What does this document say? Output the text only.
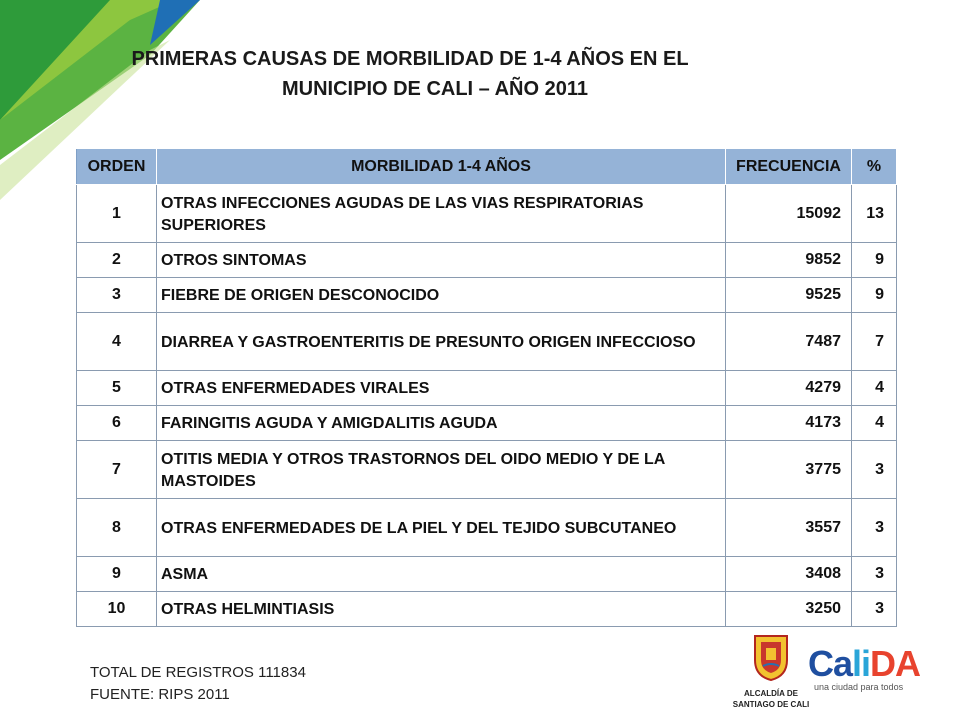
PRIMERAS CAUSAS DE MORBILIDAD DE 1-4 AÑOS EN EL
MUNICIPIO DE CALI – AÑO 2011
ORDEN	MORBILIDAD 1-4 AÑOS	FRECUENCIA	%
1	OTRAS INFECCIONES AGUDAS DE LAS VIAS RESPIRATORIAS SUPERIORES	15092	13
2	OTROS SINTOMAS	9852	9
3	FIEBRE DE ORIGEN DESCONOCIDO	9525	9
4	DIARREA Y GASTROENTERITIS DE PRESUNTO ORIGEN INFECCIOSO	7487	7
5	OTRAS ENFERMEDADES VIRALES	4279	4
6	FARINGITIS AGUDA Y AMIGDALITIS AGUDA	4173	4
7	OTITIS MEDIA Y OTROS TRASTORNOS DEL OIDO MEDIO Y DE LA MASTOIDES	3775	3
8	OTRAS ENFERMEDADES DE LA PIEL Y DEL TEJIDO SUBCUTANEO	3557	3
9	ASMA	3408	3
10	OTRAS HELMINTIASIS	3250	3
TOTAL DE REGISTROS 111834
FUENTE: RIPS 2011	ALCALDÍA DE
SANTIAGO DE CALI
CaliDA
una ciudad para todos
